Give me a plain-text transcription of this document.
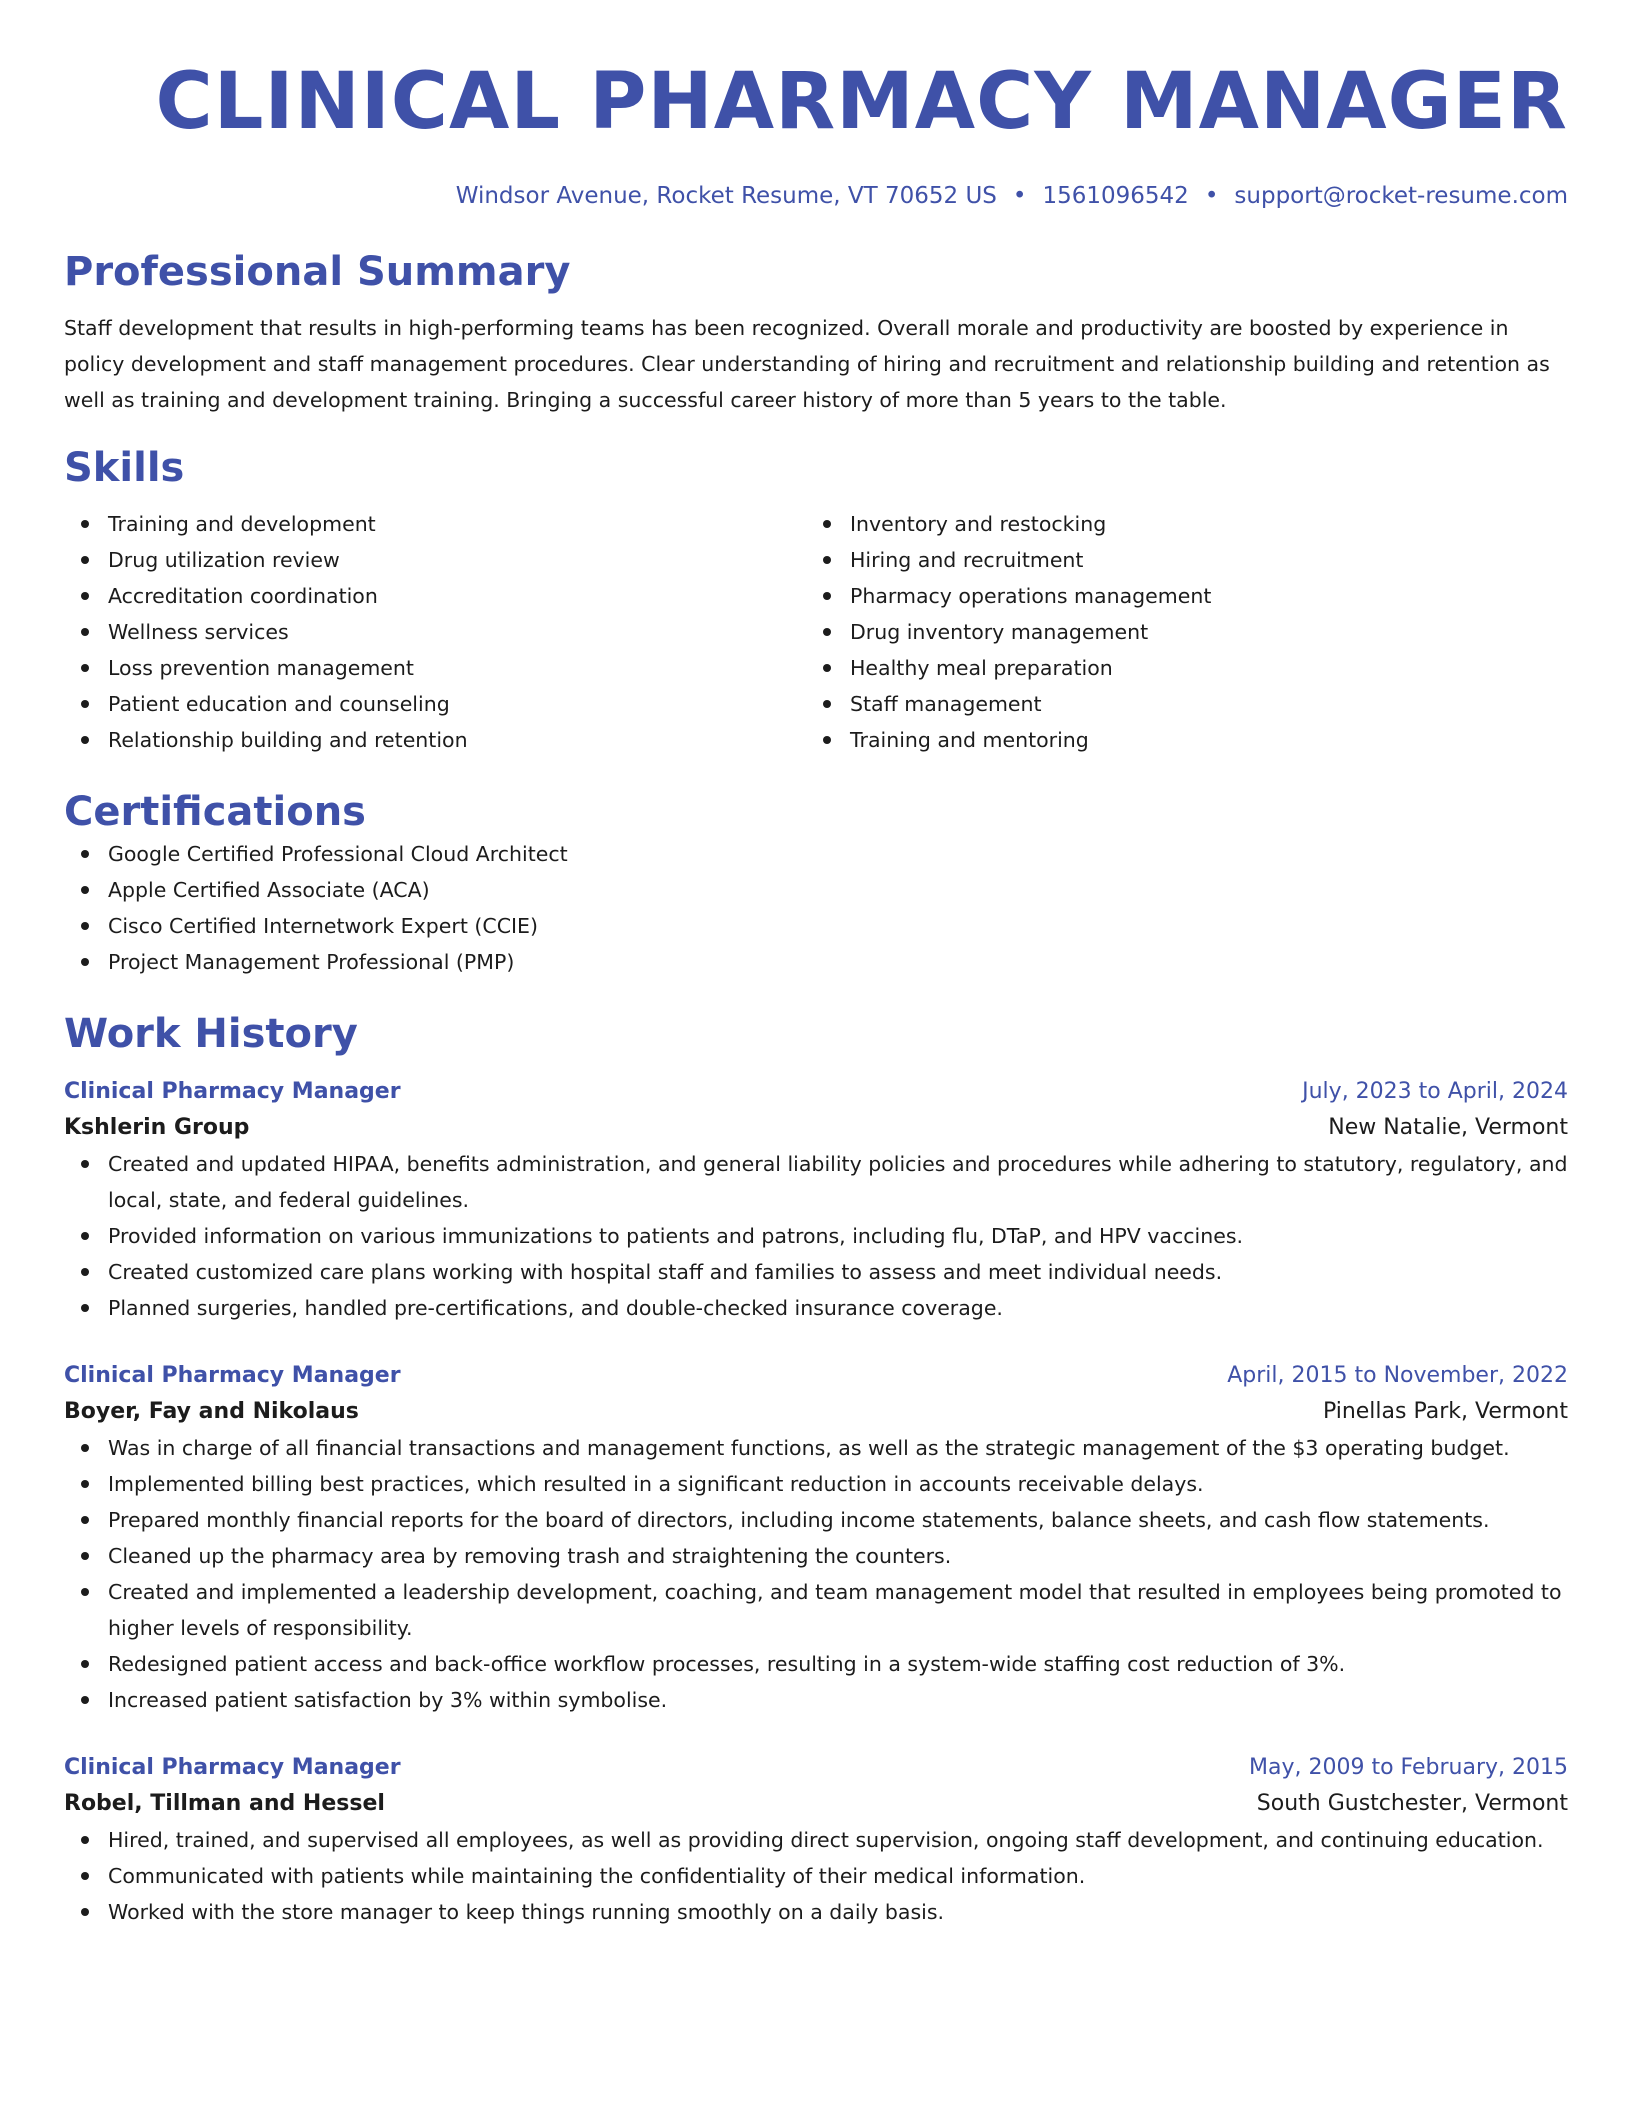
CLINICAL PHARMACY MANAGER
Windsor Avenue, Rocket Resume, VT 70652 US • 1561096542 • support@rocket-resume.com
Professional Summary
Staff development that results in high-performing teams has been recognized. Overall morale and productivity are boosted by experience in policy development and staff management procedures. Clear understanding of hiring and recruitment and relationship building and retention as well as training and development training. Bringing a successful career history of more than 5 years to the table.
Skills
Training and development
Drug utilization review
Accreditation coordination
Wellness services
Loss prevention management
Patient education and counseling
Relationship building and retention
Inventory and restocking
Hiring and recruitment
Pharmacy operations management
Drug inventory management
Healthy meal preparation
Staff management
Training and mentoring
Certifications
Google Certified Professional Cloud Architect
Apple Certified Associate (ACA)
Cisco Certified Internetwork Expert (CCIE)
Project Management Professional (PMP)
Work History
Clinical Pharmacy Manager	July, 2023 to April, 2024
Kshlerin Group	New Natalie, Vermont
Created and updated HIPAA, benefits administration, and general liability policies and procedures while adhering to statutory, regulatory, and local, state, and federal guidelines.
Provided information on various immunizations to patients and patrons, including flu, DTaP, and HPV vaccines.
Created customized care plans working with hospital staff and families to assess and meet individual needs.
Planned surgeries, handled pre-certifications, and double-checked insurance coverage.
Clinical Pharmacy Manager	April, 2015 to November, 2022
Boyer, Fay and Nikolaus	Pinellas Park, Vermont
Was in charge of all financial transactions and management functions, as well as the strategic management of the $3 operating budget.
Implemented billing best practices, which resulted in a significant reduction in accounts receivable delays.
Prepared monthly financial reports for the board of directors, including income statements, balance sheets, and cash flow statements.
Cleaned up the pharmacy area by removing trash and straightening the counters.
Created and implemented a leadership development, coaching, and team management model that resulted in employees being promoted to higher levels of responsibility.
Redesigned patient access and back-office workflow processes, resulting in a system-wide staffing cost reduction of 3%.
Increased patient satisfaction by 3% within symbolise.
Clinical Pharmacy Manager	May, 2009 to February, 2015
Robel, Tillman and Hessel	South Gustchester, Vermont
Hired, trained, and supervised all employees, as well as providing direct supervision, ongoing staff development, and continuing education.
Communicated with patients while maintaining the confidentiality of their medical information.
Worked with the store manager to keep things running smoothly on a daily basis.
